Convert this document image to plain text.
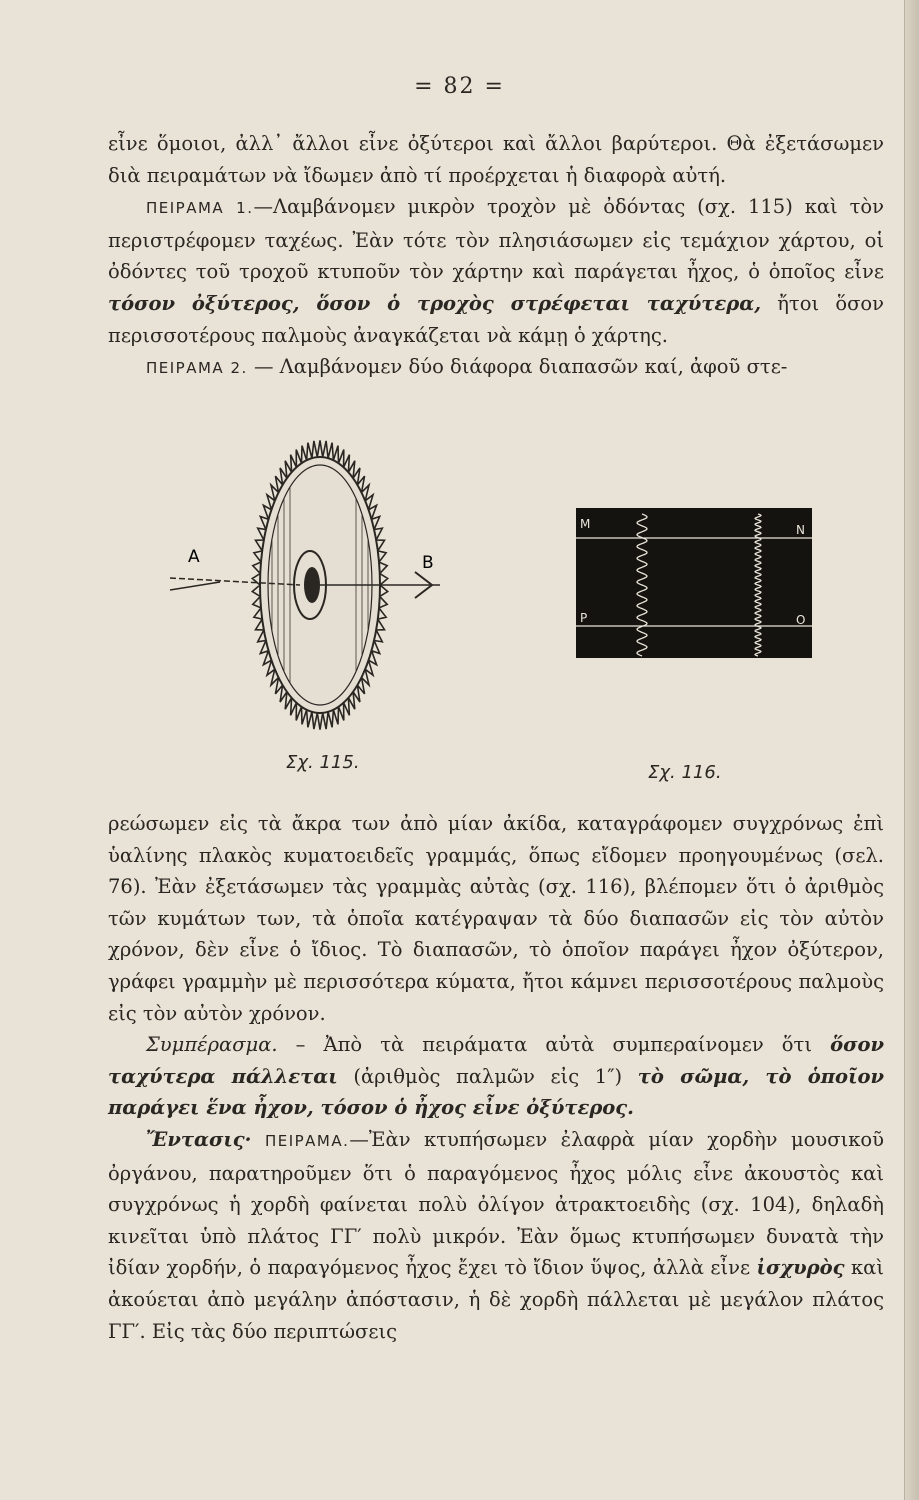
= 82 =

εἶνε ὅμοιοι, ἀλλ᾽ ἄλλοι εἶνε ὀξύτεροι καὶ ἄλλοι βαρύτεροι. Θὰ ἐξετάσωμεν διὰ πειραμάτων νὰ ἴδωμεν ἀπὸ τί προέρχεται ἡ διαφορὰ αὐτή.

ΠΕΙΡΑΜΑ 1.—Λαμβάνομεν μικρὸν τροχὸν μὲ ὀδόντας (σχ. 115) καὶ τὸν περιστρέφομεν ταχέως. Ἐὰν τότε τὸν πλησιάσωμεν εἰς τεμάχιον χάρτου, οἱ ὀδόντες τοῦ τροχοῦ κτυποῦν τὸν χάρτην καὶ παράγεται ἦχος, ὁ ὁποῖος εἶνε τόσον ὀξύτερος, ὅσον ὁ τροχὸς στρέφεται ταχύτερα, ἤτοι ὅσον περισσοτέρους παλμοὺς ἀναγκάζεται νὰ κάμῃ ὁ χάρτης.

ΠΕΙΡΑΜΑ 2. — Λαμβάνομεν δύο διάφορα διαπασῶν καί, ἀφοῦ στε-

A	B
Σχ. 115.
M	N
P	O
Σχ. 116.

ρεώσωμεν εἰς τὰ ἄκρα των ἀπὸ μίαν ἀκίδα, καταγράφομεν συγχρόνως ἐπὶ ὑαλίνης πλακὸς κυματοειδεῖς γραμμάς, ὅπως εἴδομεν προηγουμένως (σελ. 76). Ἐὰν ἐξετάσωμεν τὰς γραμμὰς αὐτὰς (σχ. 116), βλέπομεν ὅτι ὁ ἀριθμὸς τῶν κυμάτων των, τὰ ὁποῖα κατέγραψαν τὰ δύο διαπασῶν εἰς τὸν αὐτὸν χρόνον, δὲν εἶνε ὁ ἴδιος. Τὸ διαπασῶν, τὸ ὁποῖον παράγει ἦχον ὀξύτερον, γράφει γραμμὴν μὲ περισσότερα κύματα, ἤτοι κάμνει περισσοτέρους παλμοὺς εἰς τὸν αὐτὸν χρόνον.

Συμπέρασμα. – Ἀπὸ τὰ πειράματα αὐτὰ συμπεραίνομεν ὅτι ὅσον ταχύτερα πάλλεται (ἀριθμὸς παλμῶν εἰς 1″) τὸ σῶμα, τὸ ὁποῖον παράγει ἕνα ἦχον, τόσον ὁ ἦχος εἶνε ὀξύτερος.

Ἔντασις· ΠΕΙΡΑΜΑ.—Ἐὰν κτυπήσωμεν ἐλαφρὰ μίαν χορδὴν μουσικοῦ ὀργάνου, παρατηροῦμεν ὅτι ὁ παραγόμενος ἦχος μόλις εἶνε ἀκουστὸς καὶ συγχρόνως ἡ χορδὴ φαίνεται πολὺ ὀλίγον ἀτρακτοειδὴς (σχ. 104), δηλαδὴ κινεῖται ὑπὸ πλάτος ΓΓ′ πολὺ μικρόν. Ἐὰν ὅμως κτυπήσωμεν δυνατὰ τὴν ἰδίαν χορδήν, ὁ παραγόμενος ἦχος ἔχει τὸ ἴδιον ὕψος, ἀλλὰ εἶνε ἰσχυρὸς καὶ ἀκούεται ἀπὸ μεγάλην ἀπόστασιν, ἡ δὲ χορδὴ πάλλεται μὲ μεγάλον πλάτος ΓΓ′. Εἰς τὰς δύο περιπτώσεις
